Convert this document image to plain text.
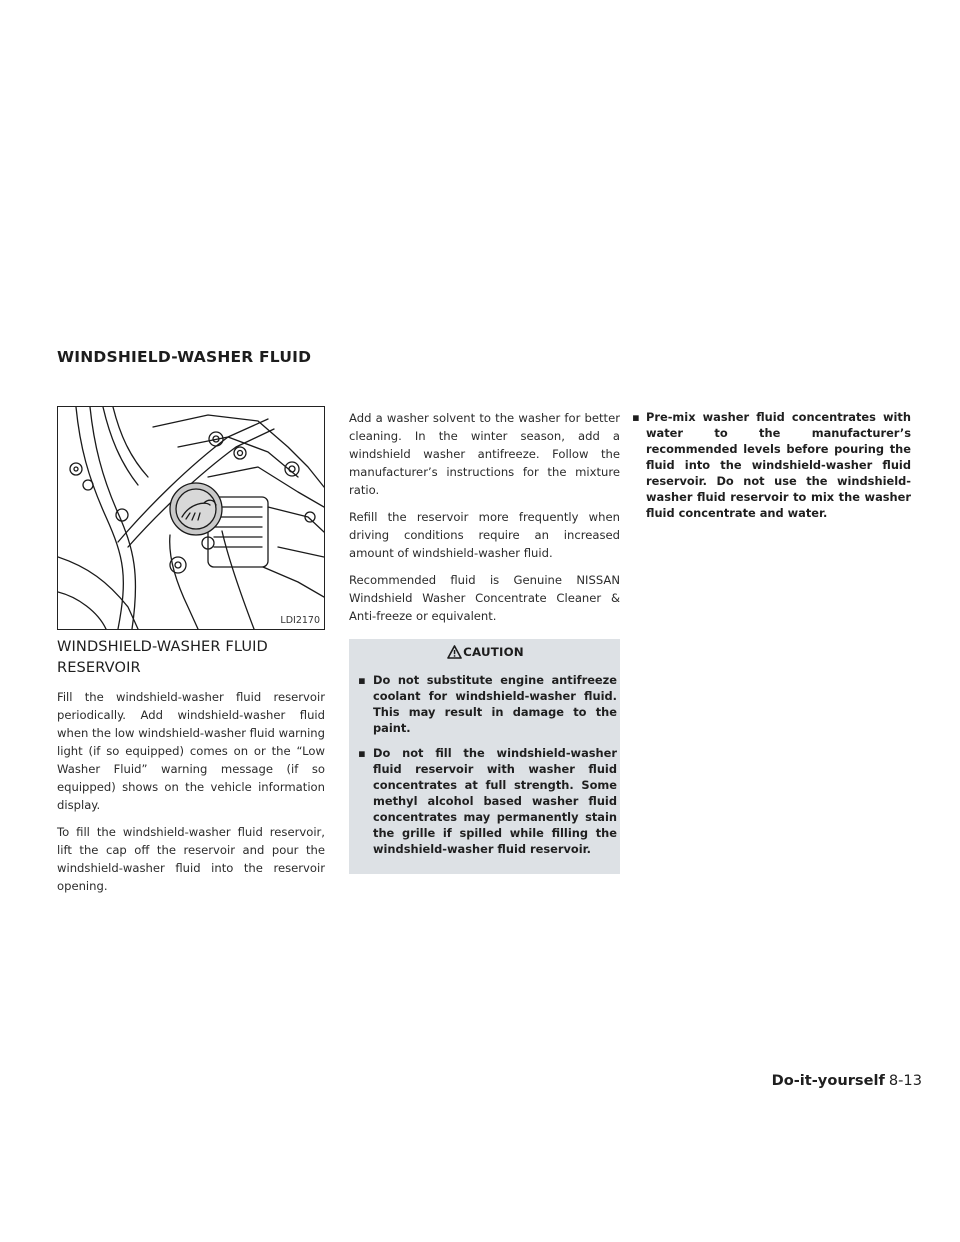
WINDSHIELD-WASHER FLUID
LDI2170
WINDSHIELD-WASHER FLUID RESERVOIR

Fill the windshield-washer fluid reservoir periodically. Add windshield-washer fluid when the low windshield-washer fluid warning light (if so equipped) comes on or the “Low Washer Fluid” warning message (if so equipped) shows on the vehicle information display.

To fill the windshield-washer fluid reservoir, lift the cap off the reservoir and pour the windshield-washer fluid into the reservoir opening.

Add a washer solvent to the washer for better cleaning. In the winter season, add a windshield washer antifreeze. Follow the manufacturer’s instructions for the mixture ratio.

Refill the reservoir more frequently when driving conditions require an increased amount of windshield-washer fluid.

Recommended fluid is Genuine NISSAN Windshield Washer Concentrate Cleaner & Anti-freeze or equivalent.

CAUTION
▪ Do not substitute engine antifreeze coolant for windshield-washer fluid. This may result in damage to the paint.
▪ Do not fill the windshield-washer fluid reservoir with washer fluid concentrates at full strength. Some methyl alcohol based washer fluid concentrates may permanently stain the grille if spilled while filling the windshield-washer fluid reservoir.
▪ Pre-mix washer fluid concentrates with water to the manufacturer’s recommended levels before pouring the fluid into the windshield-washer fluid reservoir. Do not use the windshield-washer fluid reservoir to mix the washer fluid concentrate and water.
Do-it-yourself 8-13
